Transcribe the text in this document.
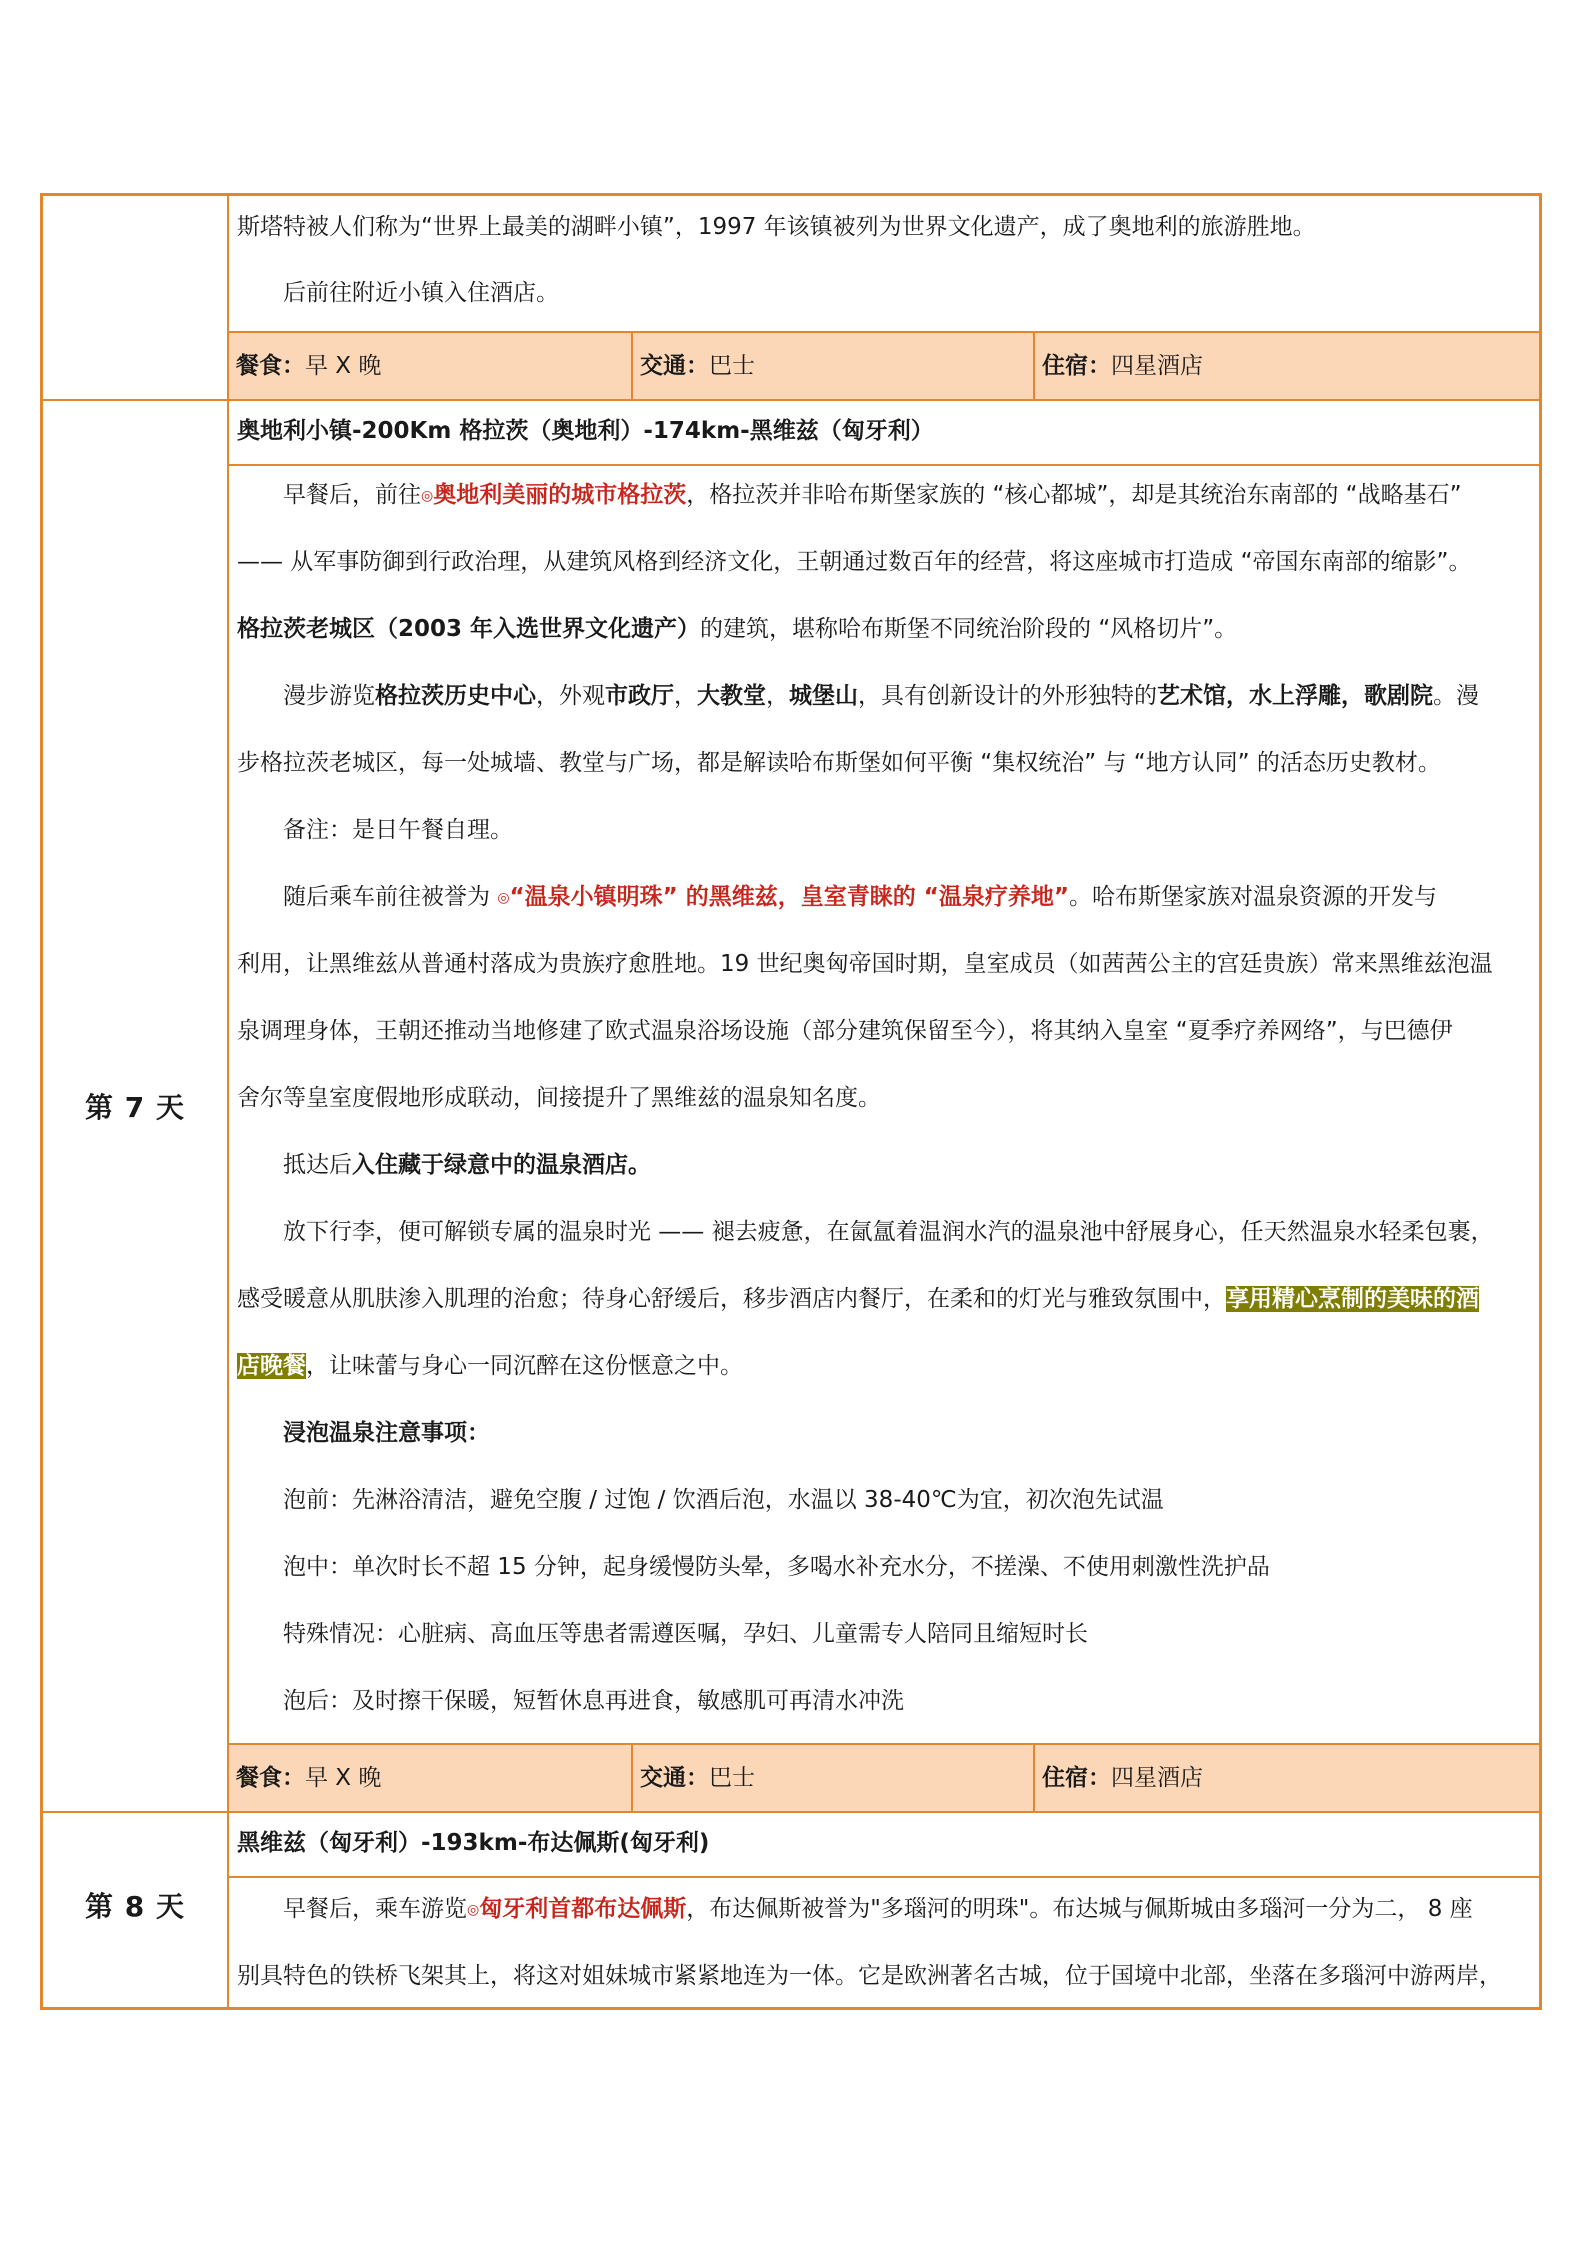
斯塔特被人们称为“世界上最美的湖畔小镇”，1997 年该镇被列为世界文化遗产，成了奥地利的旅游胜地。
后前往附近小镇入住酒店。
餐食：早 X 晚	交通：巴士	住宿：四星酒店
第 7 天
奥地利小镇-200Km 格拉茨（奥地利）-174km-黑维兹（匈牙利）
早餐后，前往◎奥地利美丽的城市格拉茨，格拉茨并非哈布斯堡家族的 “核心都城”，却是其统治东南部的 “战略基石”
—— 从军事防御到行政治理，从建筑风格到经济文化，王朝通过数百年的经营，将这座城市打造成 “帝国东南部的缩影”。
格拉茨老城区（2003 年入选世界文化遗产）的建筑，堪称哈布斯堡不同统治阶段的 “风格切片”。
漫步游览格拉茨历史中心，外观市政厅，大教堂，城堡山，具有创新设计的外形独特的艺术馆，水上浮雕，歌剧院。漫
步格拉茨老城区，每一处城墙、教堂与广场，都是解读哈布斯堡如何平衡 “集权统治” 与 “地方认同” 的活态历史教材。
备注：是日午餐自理。
随后乘车前往被誉为 ◎“温泉小镇明珠” 的黑维兹，皇室青睐的 “温泉疗养地”。哈布斯堡家族对温泉资源的开发与
利用，让黑维兹从普通村落成为贵族疗愈胜地。19 世纪奥匈帝国时期，皇室成员（如茜茜公主的宫廷贵族）常来黑维兹泡温
泉调理身体，王朝还推动当地修建了欧式温泉浴场设施（部分建筑保留至今），将其纳入皇室 “夏季疗养网络”，与巴德伊
舍尔等皇室度假地形成联动，间接提升了黑维兹的温泉知名度。
抵达后入住藏于绿意中的温泉酒店。
放下行李，便可解锁专属的温泉时光 —— 褪去疲惫，在氤氲着温润水汽的温泉池中舒展身心，任天然温泉水轻柔包裹，
感受暖意从肌肤渗入肌理的治愈；待身心舒缓后，移步酒店内餐厅，在柔和的灯光与雅致氛围中，享用精心烹制的美味的酒
店晚餐，让味蕾与身心一同沉醉在这份惬意之中。
浸泡温泉注意事项：
泡前：先淋浴清洁，避免空腹 / 过饱 / 饮酒后泡，水温以 38-40℃为宜，初次泡先试温
泡中：单次时长不超 15 分钟，起身缓慢防头晕，多喝水补充水分，不搓澡、不使用刺激性洗护品
特殊情况：心脏病、高血压等患者需遵医嘱，孕妇、儿童需专人陪同且缩短时长
泡后：及时擦干保暖，短暂休息再进食，敏感肌可再清水冲洗
餐食：早 X 晚	交通：巴士	住宿：四星酒店
第 8 天
黑维兹（匈牙利）-193km-布达佩斯(匈牙利)
早餐后，乘车游览◎匈牙利首都布达佩斯，布达佩斯被誉为"多瑙河的明珠"。布达城与佩斯城由多瑙河一分为二， 8 座
别具特色的铁桥飞架其上，将这对姐妹城市紧紧地连为一体。它是欧洲著名古城，位于国境中北部，坐落在多瑙河中游两岸，
